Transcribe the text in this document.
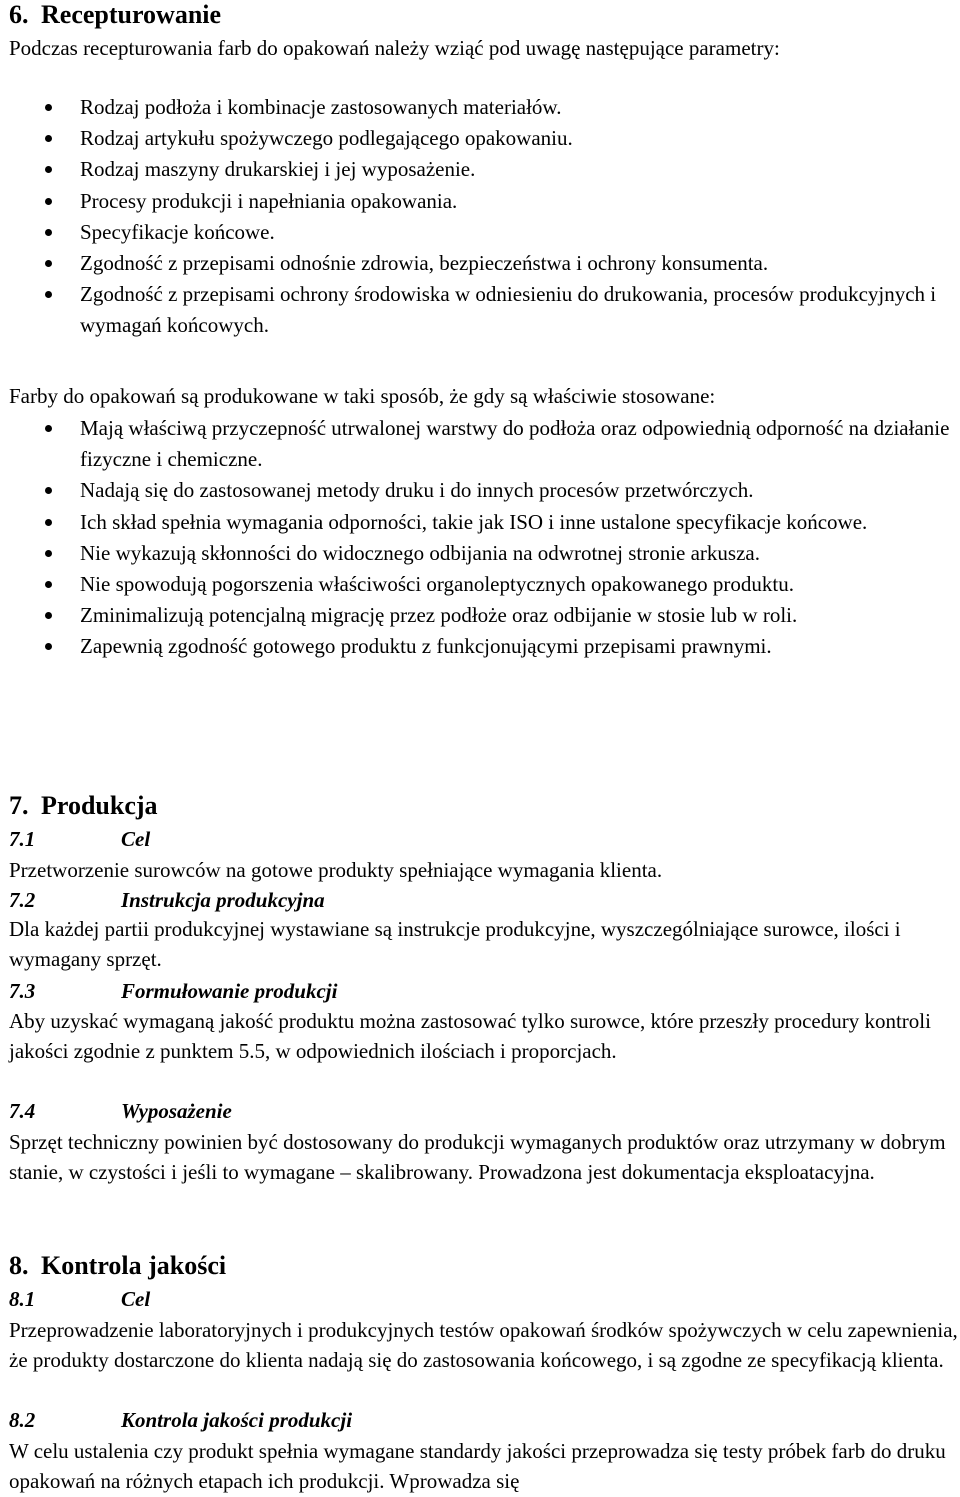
6. Recepturowanie
Podczas recepturowania farb do opakowań należy wziąć pod uwagę następujące parametry:
Rodzaj podłoża i kombinacje zastosowanych materiałów.
Rodzaj artykułu spożywczego podlegającego opakowaniu.
Rodzaj maszyny drukarskiej i jej wyposażenie.
Procesy produkcji i napełniania opakowania.
Specyfikacje końcowe.
Zgodność z przepisami odnośnie zdrowia, bezpieczeństwa i ochrony konsumenta.
Zgodność z przepisami ochrony środowiska w odniesieniu do drukowania, procesów produkcyjnych i wymagań końcowych.
Farby do opakowań są produkowane w taki sposób, że gdy są właściwie stosowane:
Mają właściwą przyczepność utrwalonej warstwy do podłoża oraz odpowiednią odporność na działanie fizyczne i chemiczne.
Nadają się do zastosowanej metody druku i do innych procesów przetwórczych.
Ich skład spełnia wymagania odporności, takie jak ISO i inne ustalone specyfikacje końcowe.
Nie wykazują skłonności do widocznego odbijania na odwrotnej stronie arkusza.
Nie spowodują pogorszenia właściwości organoleptycznych opakowanego produktu.
Zminimalizują potencjalną migrację przez podłoże oraz odbijanie w stosie lub w roli.
Zapewnią zgodność gotowego produktu z funkcjonującymi przepisami prawnymi.
7. Produkcja
7.1	Cel
Przetworzenie surowców na gotowe produkty spełniające wymagania klienta.
7.2	Instrukcja produkcyjna
Dla każdej partii produkcyjnej wystawiane są instrukcje produkcyjne, wyszczególniające surowce, ilości i wymagany sprzęt.
7.3	Formułowanie produkcji
Aby uzyskać wymaganą jakość produktu można zastosować tylko surowce, które przeszły procedury kontroli jakości zgodnie z punktem 5.5, w odpowiednich ilościach i proporcjach.
7.4	Wyposażenie
Sprzęt techniczny powinien być dostosowany do produkcji wymaganych produktów oraz utrzymany w dobrym stanie, w czystości i jeśli to wymagane – skalibrowany. Prowadzona jest dokumentacja eksploatacyjna.
8. Kontrola jakości
8.1	Cel
Przeprowadzenie laboratoryjnych i produkcyjnych testów opakowań środków spożywczych w celu zapewnienia, że produkty dostarczone do klienta nadają się do zastosowania końcowego, i są zgodne ze specyfikacją klienta.
8.2	Kontrola jakości produkcji
W celu ustalenia czy produkt spełnia wymagane standardy jakości przeprowadza się testy próbek farb do druku opakowań na różnych etapach ich produkcji. Wprowadza się
